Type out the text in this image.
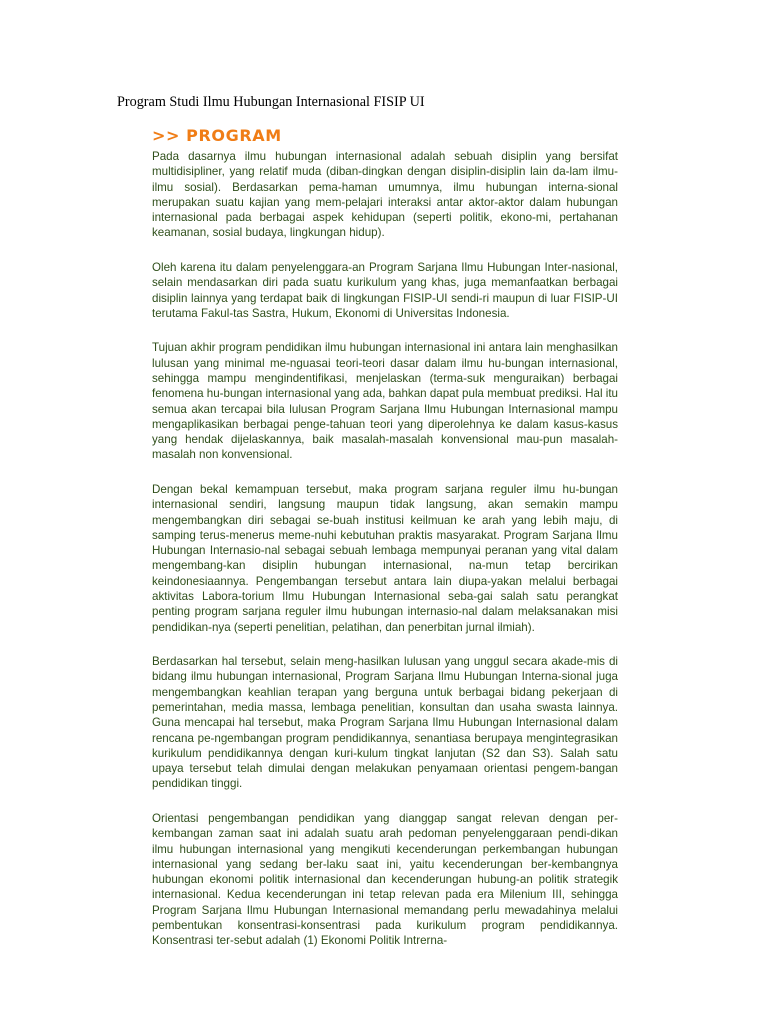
Program Studi Ilmu Hubungan Internasional FISIP UI
>> PROGRAM

Pada dasarnya ilmu hubungan internasional adalah sebuah disiplin yang bersifat multidisipliner, yang relatif muda (diban-dingkan dengan disiplin-disiplin lain da-lam ilmu-ilmu sosial). Berdasarkan pema-haman umumnya, ilmu hubungan interna-sional merupakan suatu kajian yang mem-pelajari interaksi antar aktor-aktor dalam hubungan internasional pada berbagai aspek kehidupan (seperti politik, ekono-mi, pertahanan keamanan, sosial budaya, lingkungan hidup).

Oleh karena itu dalam penyelenggara-an Program Sarjana Ilmu Hubungan Inter-nasional, selain mendasarkan diri pada suatu kurikulum yang khas, juga memanfaatkan berbagai disiplin lainnya yang terdapat baik di lingkungan FISIP-UI sendi-ri maupun di luar FISIP-UI terutama Fakul-tas Sastra, Hukum, Ekonomi di Universitas Indonesia.

Tujuan akhir program pendidikan ilmu hubungan internasional ini antara lain menghasilkan lulusan yang minimal me-nguasai teori-teori dasar dalam ilmu hu-bungan internasional, sehingga mampu mengindentifikasi, menjelaskan (terma-suk menguraikan) berbagai fenomena hu-bungan internasional yang ada, bahkan dapat pula membuat prediksi. Hal itu semua akan tercapai bila lulusan Program Sarjana Ilmu Hubungan Internasional mampu mengaplikasikan berbagai penge-tahuan teori yang diperolehnya ke dalam kasus-kasus yang hendak dijelaskannya, baik masalah-masalah konvensional mau-pun masalah-masalah non konvensional.

Dengan bekal kemampuan tersebut, maka program sarjana reguler ilmu hu-bungan internasional sendiri, langsung maupun tidak langsung, akan semakin mampu mengembangkan diri sebagai se-buah institusi keilmuan ke arah yang lebih maju, di samping terus-menerus meme-nuhi kebutuhan praktis masyarakat. Program Sarjana Ilmu Hubungan Internasio-nal sebagai sebuah lembaga mempunyai peranan yang vital dalam mengembang-kan disiplin hubungan internasional, na-mun tetap bercirikan keindonesiaannya. Pengembangan tersebut antara lain diupa-yakan melalui berbagai aktivitas Labora-torium Ilmu Hubungan Internasional seba-gai salah satu perangkat penting program sarjana reguler ilmu hubungan internasio-nal dalam melaksanakan misi pendidikan-nya (seperti penelitian, pelatihan, dan penerbitan jurnal ilmiah).

Berdasarkan hal tersebut, selain meng-hasilkan lulusan yang unggul secara akade-mis di bidang ilmu hubungan internasional, Program Sarjana Ilmu Hubungan Interna-sional juga mengembangkan keahlian terapan yang berguna untuk berbagai bidang pekerjaan di pemerintahan, media massa, lembaga penelitian, konsultan dan usaha swasta lainnya. Guna mencapai hal tersebut, maka Program Sarjana Ilmu Hubungan Internasional dalam rencana pe-ngembangan program pendidikannya, senantiasa berupaya mengintegrasikan kurikulum pendidikannya dengan kuri-kulum tingkat lanjutan (S2 dan S3). Salah satu upaya tersebut telah dimulai dengan melakukan penyamaan orientasi pengem-bangan pendidikan tinggi.

Orientasi pengembangan pendidikan yang dianggap sangat relevan dengan per-kembangan zaman saat ini adalah suatu arah pedoman penyelenggaraan pendi-dikan ilmu hubungan internasional yang mengikuti kecenderungan perkembangan hubungan internasional yang sedang ber-laku saat ini, yaitu kecenderungan ber-kembangnya hubungan ekonomi politik internasional dan kecenderungan hubung-an politik strategik internasional. Kedua kecenderungan ini tetap relevan pada era Milenium III, sehingga Program Sarjana Ilmu Hubungan Internasional memandang perlu mewadahinya melalui pembentukan konsentrasi-konsentrasi pada kurikulum program pendidikannya. Konsentrasi ter-sebut adalah (1) Ekonomi Politik Intrerna-
